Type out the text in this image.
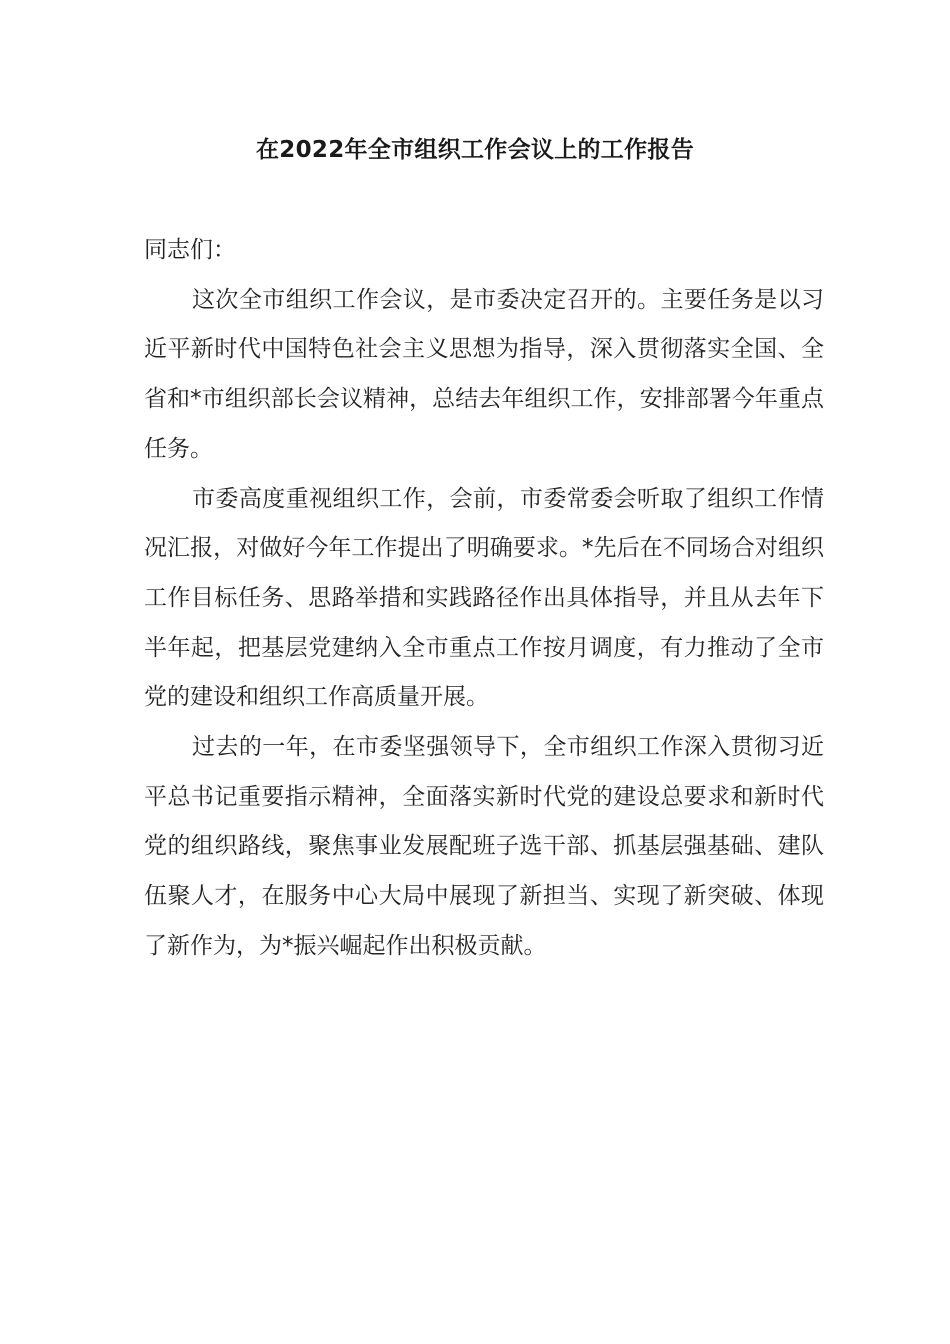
在2022年全市组织工作会议上的工作报告

同志们：

这次全市组织工作会议，是市委决定召开的。主要任务是以习近平新时代中国特色社会主义思想为指导，深入贯彻落实全国、全省和*市组织部长会议精神，总结去年组织工作，安排部署今年重点任务。

市委高度重视组织工作，会前，市委常委会听取了组织工作情况汇报，对做好今年工作提出了明确要求。*先后在不同场合对组织工作目标任务、思路举措和实践路径作出具体指导，并且从去年下半年起，把基层党建纳入全市重点工作按月调度，有力推动了全市党的建设和组织工作高质量开展。

过去的一年，在市委坚强领导下，全市组织工作深入贯彻习近平总书记重要指示精神，全面落实新时代党的建设总要求和新时代党的组织路线，聚焦事业发展配班子选干部、抓基层强基础、建队伍聚人才，在服务中心大局中展现了新担当、实现了新突破、体现了新作为，为*振兴崛起作出积极贡献。
